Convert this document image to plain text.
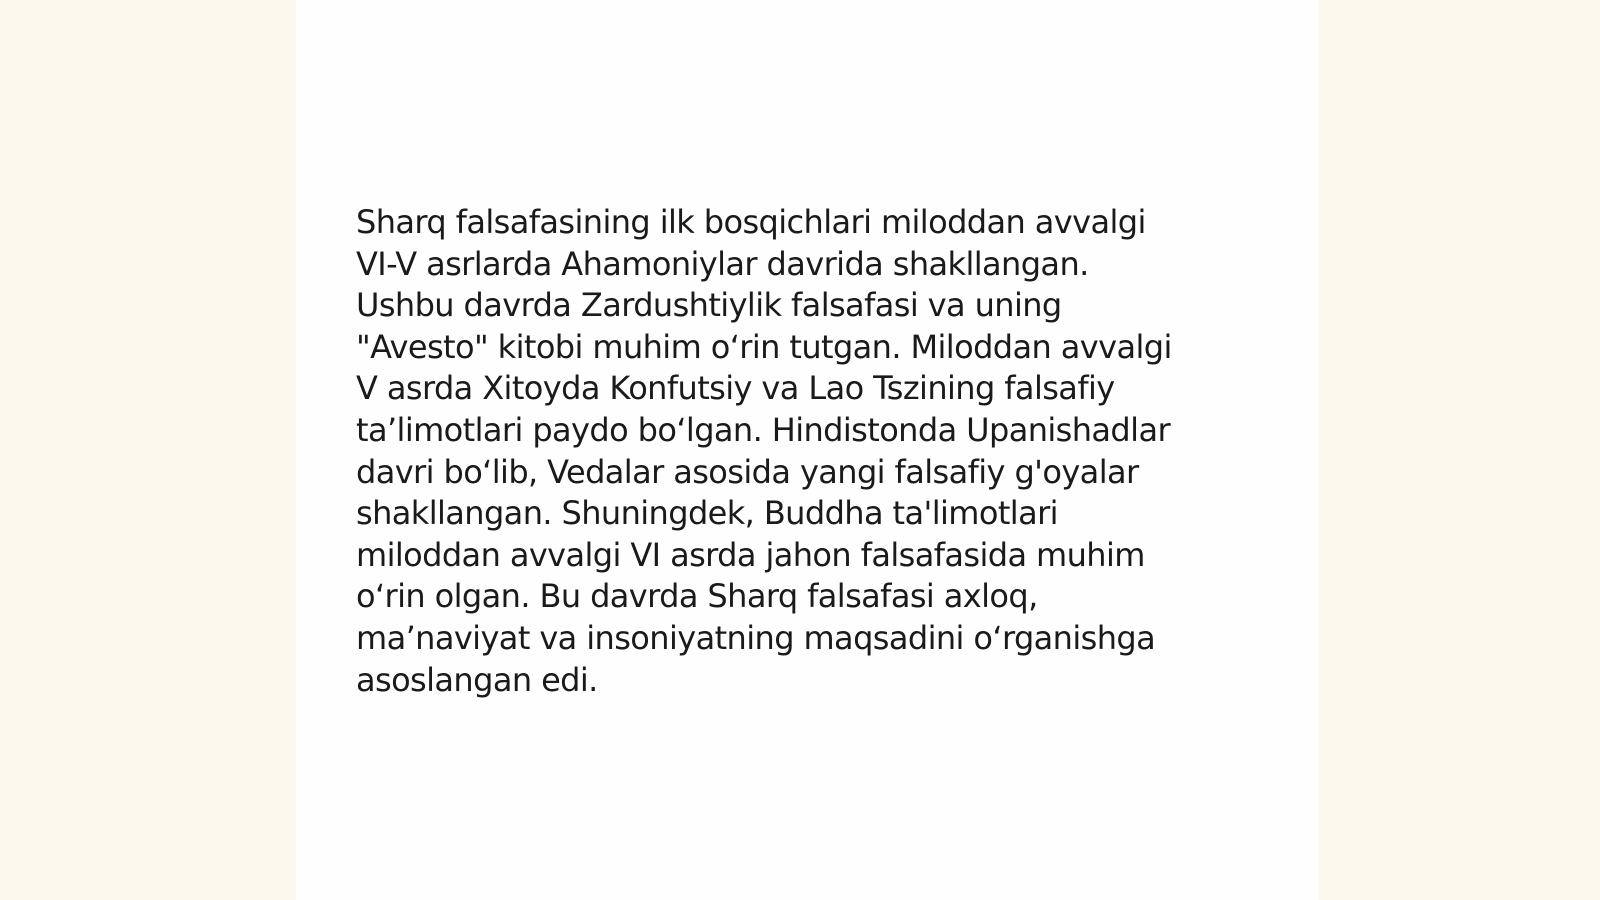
Sharq falsafasining ilk bosqichlari miloddan avvalgi
VI-V asrlarda Ahamoniylar davrida shakllangan.
Ushbu davrda Zardushtiylik falsafasi va uning
"Avesto" kitobi muhim oʻrin tutgan. Miloddan avvalgi
V asrda Xitoyda Konfutsiy va Lao Tszining falsafiy
taʼlimotlari paydo boʻlgan. Hindistonda Upanishadlar
davri boʻlib, Vedalar asosida yangi falsafiy g'oyalar
shakllangan. Shuningdek, Buddha ta'limotlari
miloddan avvalgi VI asrda jahon falsafasida muhim
oʻrin olgan. Bu davrda Sharq falsafasi axloq,
maʼnaviyat va insoniyatning maqsadini oʻrganishga
asoslangan edi.
